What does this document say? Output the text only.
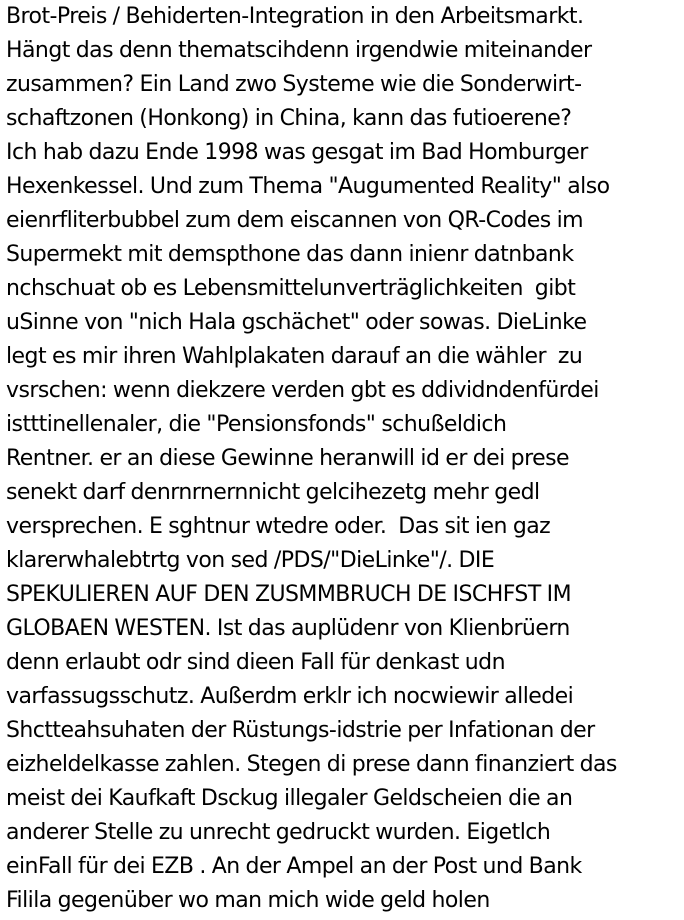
Brot-Preis / Behiderten-Integration in den Arbeitsmarkt.
Hängt das denn thematscihdenn irgendwie miteinander
zusammen? Ein Land zwo Systeme wie die Sonderwirt-
schaftzonen (Honkong) in China, kann das futioerene?
Ich hab dazu Ende 1998 was gesgat im Bad Homburger
Hexenkessel. Und zum Thema "Augumented Reality" also
eienrfliterbubbel zum dem eiscannen von QR-Codes im
Supermekt mit demspthone das dann inienr datnbank
nchschuat ob es Lebensmittelunverträglichkeiten  gibt
uSinne von "nich Hala gschächet" oder sowas. DieLinke
legt es mir ihren Wahlplakaten darauf an die wähler  zu
vsrschen: wenn diekzere verden gbt es ddividndenfürdei
istttinellenaler, die "Pensionsfonds" schußeldich
Rentner. er an diese Gewinne heranwill id er dei prese
senekt darf denrnrnernnicht gelcihezetg mehr gedl
versprechen. E sghtnur wtedre oder.  Das sit ien gaz
klarerwhalebtrtg von sed /PDS/"DieLinke"/. DIE
SPEKULIEREN AUF DEN ZUSMMBRUCH DE ISCHFST IM
GLOBAEN WESTEN. Ist das auplüdenr von Klienbrüern
denn erlaubt odr sind dieen Fall für denkast udn
varfassugsschutz. Außerdm erklr ich nocwiewir alledei
Shctteahsuhaten der Rüstungs-idstrie per Infationan der
eizheldelkasse zahlen. Stegen di prese dann finanziert das
meist dei Kaufkaft Dsckug illegaler Geldscheien die an
anderer Stelle zu unrecht gedruckt wurden. Eigetlch
einFall für dei EZB . An der Ampel an der Post und Bank
Filila gegenüber wo man mich wide geld holen
